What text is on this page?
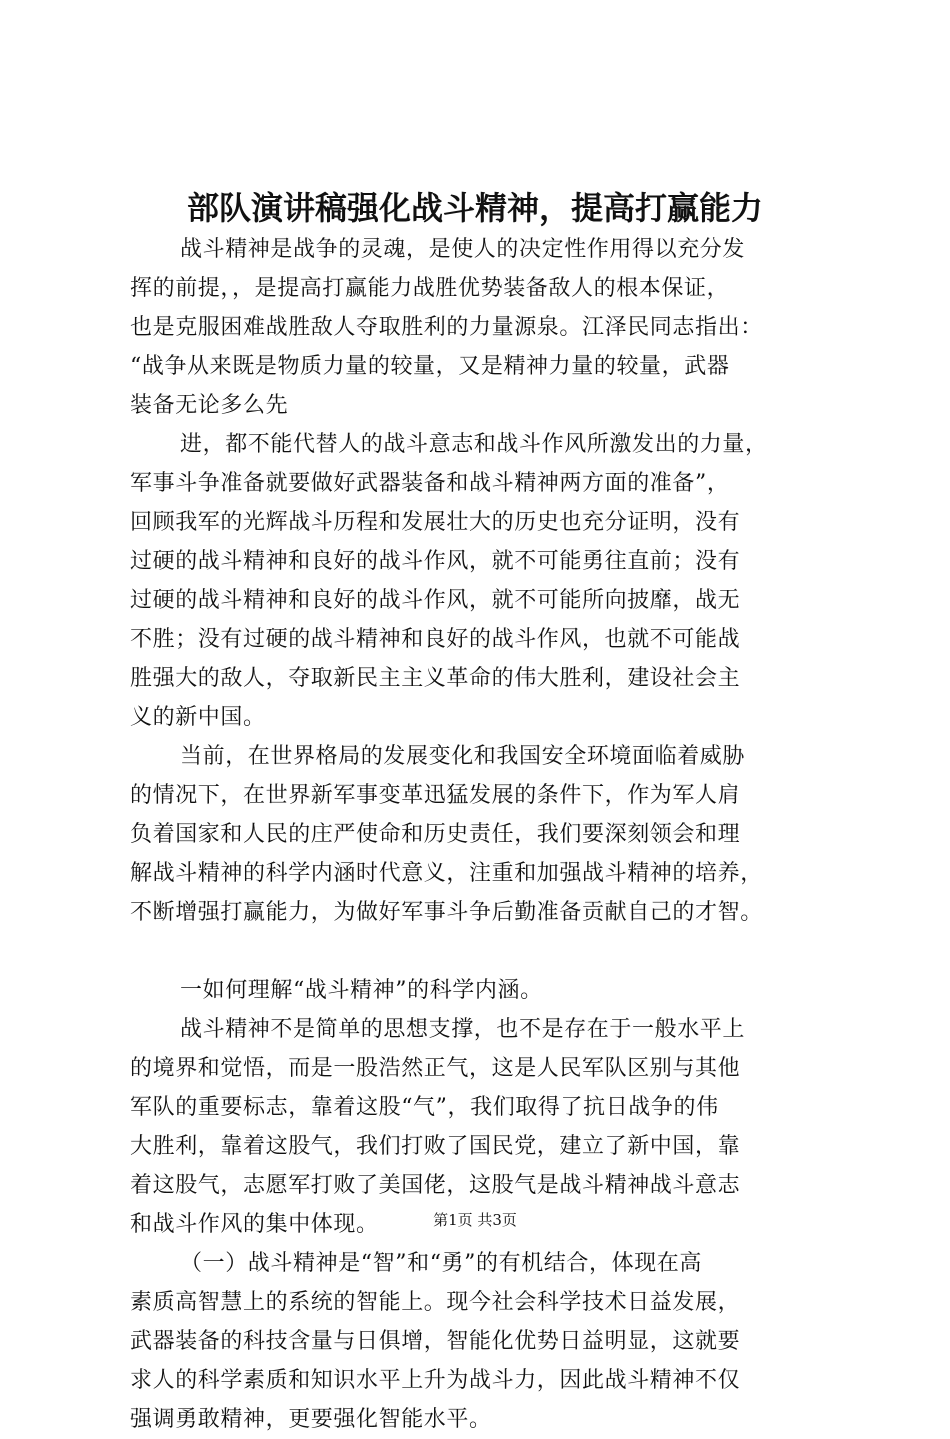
部队演讲稿强化战斗精神，提高打赢能力
战斗精神是战争的灵魂，是使人的决定性作用得以充分发
挥的前提，，是提高打赢能力战胜优势装备敌人的根本保证，
也是克服困难战胜敌人夺取胜利的力量源泉。江泽民同志指出：
“战争从来既是物质力量的较量，又是精神力量的较量，武器
装备无论多么先
进，都不能代替人的战斗意志和战斗作风所激发出的力量，
军事斗争准备就要做好武器装备和战斗精神两方面的准备”，
回顾我军的光辉战斗历程和发展壮大的历史也充分证明，没有
过硬的战斗精神和良好的战斗作风，就不可能勇往直前；没有
过硬的战斗精神和良好的战斗作风，就不可能所向披靡，战无
不胜；没有过硬的战斗精神和良好的战斗作风，也就不可能战
胜强大的敌人，夺取新民主主义革命的伟大胜利，建设社会主
义的新中国。
当前，在世界格局的发展变化和我国安全环境面临着威胁
的情况下，在世界新军事变革迅猛发展的条件下，作为军人肩
负着国家和人民的庄严使命和历史责任，我们要深刻领会和理
解战斗精神的科学内涵时代意义，注重和加强战斗精神的培养，
不断增强打赢能力，为做好军事斗争后勤准备贡献自己的才智。
一如何理解“战斗精神”的科学内涵。
战斗精神不是简单的思想支撑，也不是存在于一般水平上
的境界和觉悟，而是一股浩然正气，这是人民军队区别与其他
军队的重要标志，靠着这股“气”，我们取得了抗日战争的伟
大胜利，靠着这股气，我们打败了国民党，建立了新中国，靠
着这股气，志愿军打败了美国佬，这股气是战斗精神战斗意志
和战斗作风的集中体现。
（一）战斗精神是“智”和“勇”的有机结合，体现在高
素质高智慧上的系统的智能上。现今社会科学技术日益发展，
武器装备的科技含量与日俱增，智能化优势日益明显，这就要
求人的科学素质和知识水平上升为战斗力，因此战斗精神不仅
强调勇敢精神，更要强化智能水平。
第1页 共3页
